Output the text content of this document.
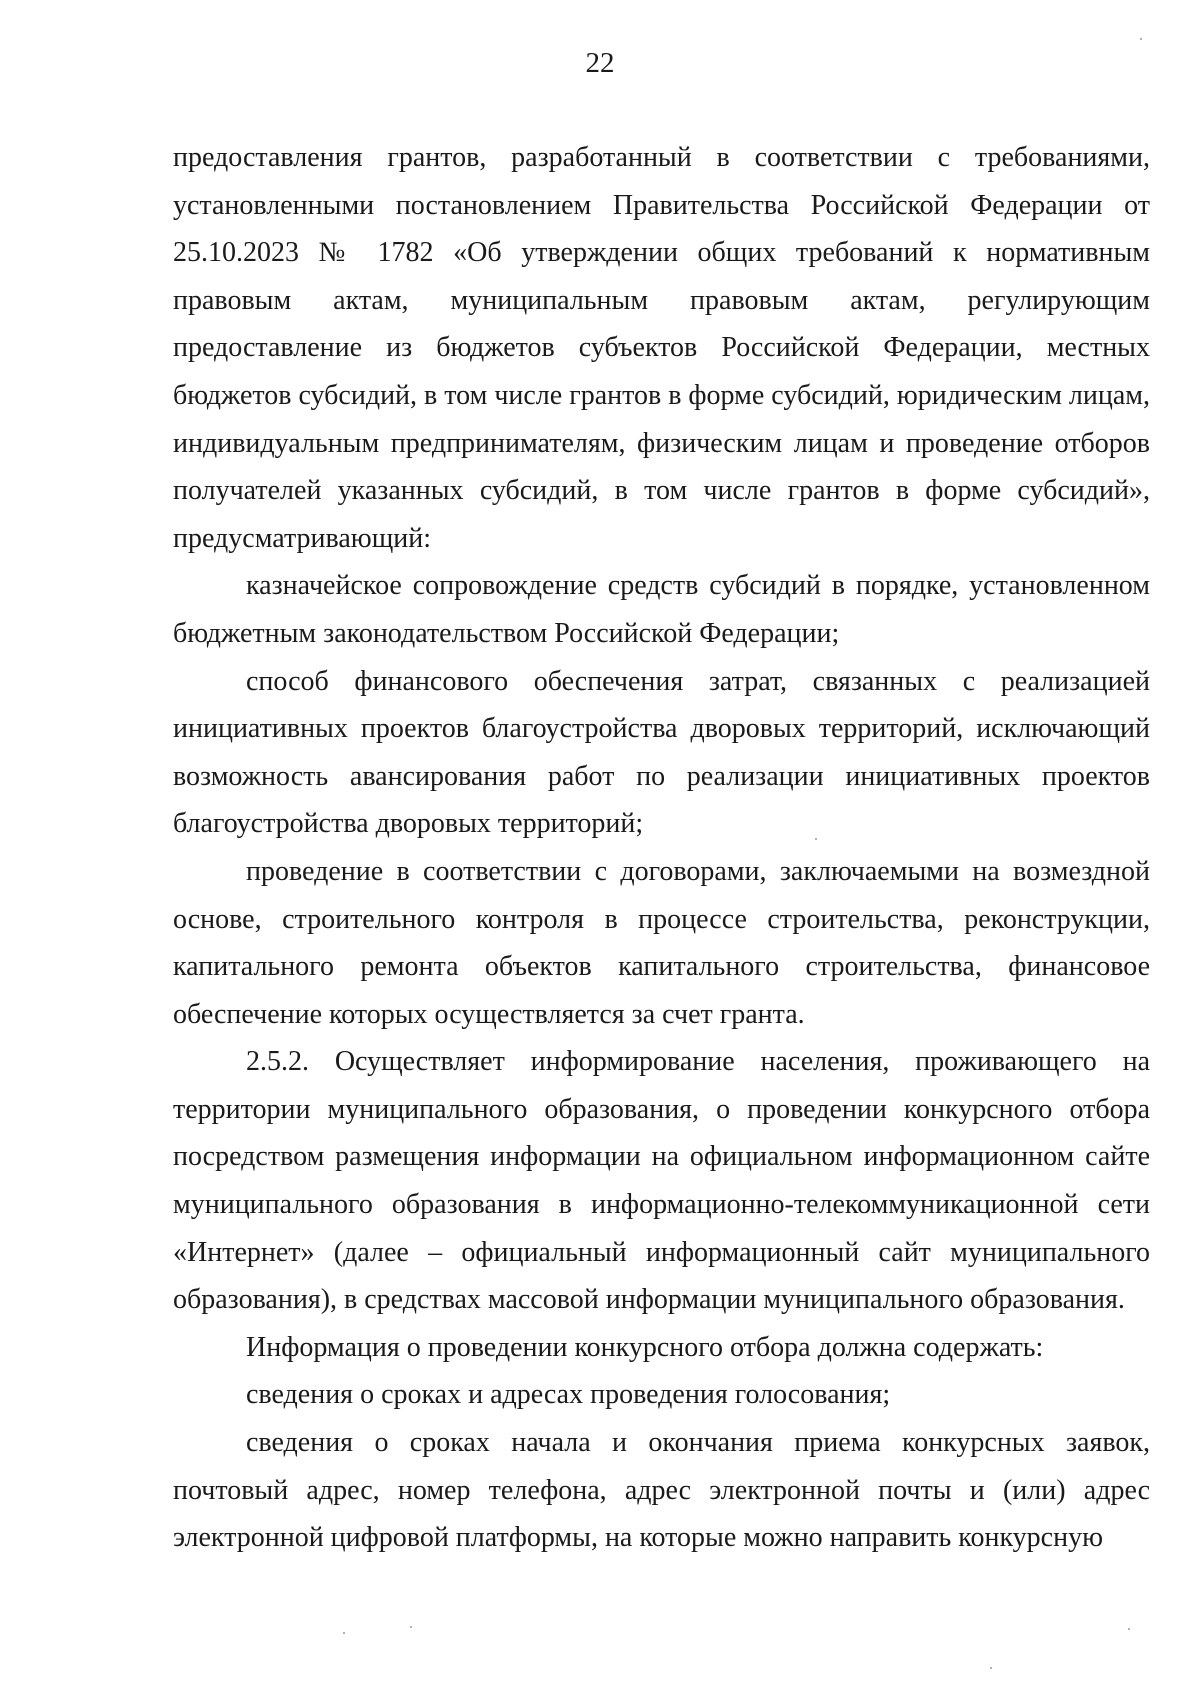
22

предоставления грантов, разработанный в соответствии с требованиями, установленными постановлением Правительства Российской Федерации от 25.10.2023 № 1782 «Об утверждении общих требований к нормативным правовым актам, муниципальным правовым актам, регулирующим предоставление из бюджетов субъектов Российской Федерации, местных бюджетов субсидий, в том числе грантов в форме субсидий, юридическим лицам, индивидуальным предпринимателям, физическим лицам и проведение отборов получателей указанных субсидий, в том числе грантов в форме субсидий», предусматривающий:

казначейское сопровождение средств субсидий в порядке, установленном бюджетным законодательством Российской Федерации;

способ финансового обеспечения затрат, связанных с реализацией инициативных проектов благоустройства дворовых территорий, исключающий возможность авансирования работ по реализации инициативных проектов благоустройства дворовых территорий;

проведение в соответствии с договорами, заключаемыми на возмездной основе, строительного контроля в процессе строительства, реконструкции, капитального ремонта объектов капитального строительства, финансовое обеспечение которых осуществляется за счет гранта.

2.5.2. Осуществляет информирование населения, проживающего на территории муниципального образования, о проведении конкурсного отбора посредством размещения информации на официальном информационном сайте муниципального образования в информационно-телекоммуникационной сети «Интернет» (далее – официальный информационный сайт муниципального образования), в средствах массовой информации муниципального образования.

Информация о проведении конкурсного отбора должна содержать:

сведения о сроках и адресах проведения голосования;

сведения о сроках начала и окончания приема конкурсных заявок, почтовый адрес, номер телефона, адрес электронной почты и (или) адрес электронной цифровой платформы, на которые можно направить конкурсную
